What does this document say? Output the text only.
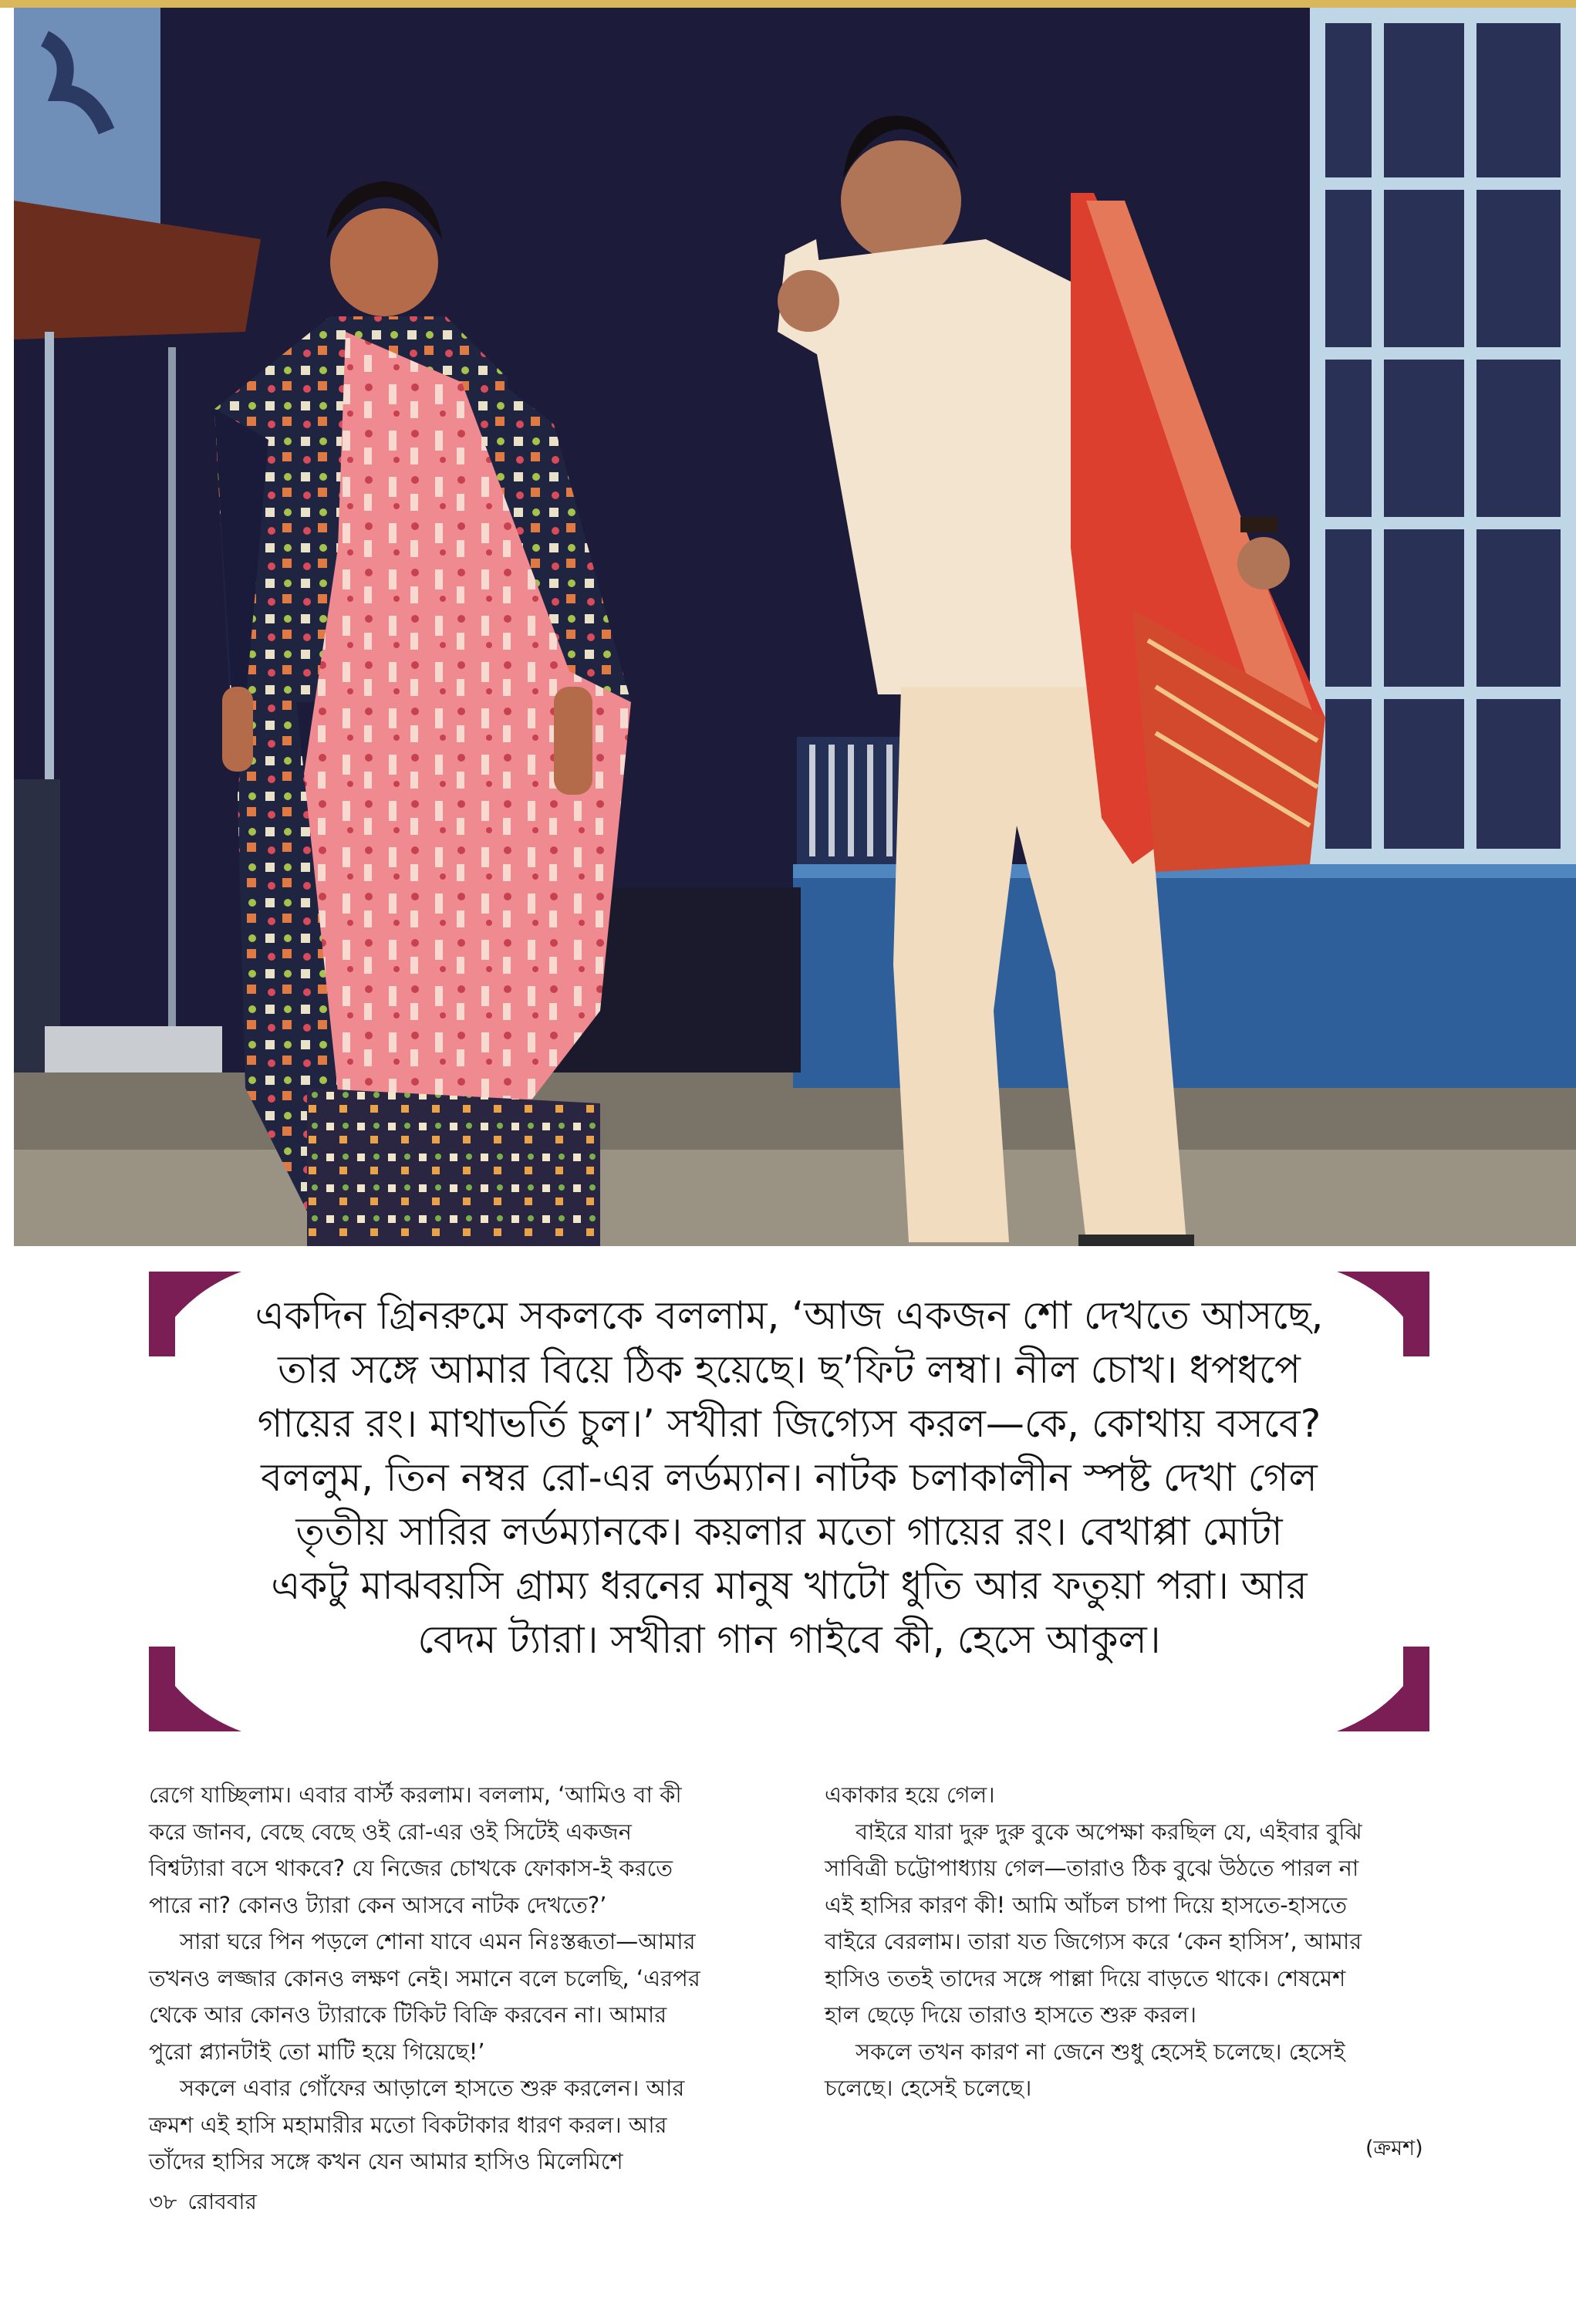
একদিন গ্রিনরুমে সকলকে বললাম, ‘আজ একজন শো দেখতে আসছে,
তার সঙ্গে আমার বিয়ে ঠিক হয়েছে। ছ’ফিট লম্বা। নীল চোখ। ধপধপে
গায়ের রং। মাথাভর্তি চুল।’ সখীরা জিগ্যেস করল—কে, কোথায় বসবে?
বললুম, তিন নম্বর রো-এর লর্ডম্যান। নাটক চলাকালীন স্পষ্ট দেখা গেল
তৃতীয় সারির লর্ডম্যানকে। কয়লার মতো গায়ের রং। বেখাপ্পা মোটা
একটু মাঝবয়সি গ্রাম্য ধরনের মানুষ খাটো ধুতি আর ফতুয়া পরা। আর
বেদম ট্যারা। সখীরা গান গাইবে কী, হেসে আকুল।
রেগে যাচ্ছিলাম। এবার বার্স্ট করলাম। বললাম, ‘আমিও বা কী
করে জানব, বেছে বেছে ওই রো-এর ওই সিটেই একজন
বিশ্বট্যারা বসে থাকবে? যে নিজের চোখকে ফোকাস-ই করতে
পারে না? কোনও ট্যারা কেন আসবে নাটক দেখতে?’
সারা ঘরে পিন পড়লে শোনা যাবে এমন নিঃস্তব্ধতা—আমার
তখনও লজ্জার কোনও লক্ষণ নেই। সমানে বলে চলেছি, ‘এরপর
থেকে আর কোনও ট্যারাকে টিকিট বিক্রি করবেন না। আমার
পুরো প্ল্যানটাই তো মাটি হয়ে গিয়েছে!’
সকলে এবার গোঁফের আড়ালে হাসতে শুরু করলেন। আর
ক্রমশ এই হাসি মহামারীর মতো বিকটাকার ধারণ করল। আর
তাঁদের হাসির সঙ্গে কখন যেন আমার হাসিও মিলেমিশে
একাকার হয়ে গেল।
বাইরে যারা দুরু দুরু বুকে অপেক্ষা করছিল যে, এইবার বুঝি
সাবিত্রী চট্টোপাধ্যায় গেল—তারাও ঠিক বুঝে উঠতে পারল না
এই হাসির কারণ কী! আমি আঁচল চাপা দিয়ে হাসতে-হাসতে
বাইরে বেরলাম। তারা যত জিগ্যেস করে ‘কেন হাসিস’, আমার
হাসিও ততই তাদের সঙ্গে পাল্লা দিয়ে বাড়তে থাকে। শেষমেশ
হাল ছেড়ে দিয়ে তারাও হাসতে শুরু করল।
সকলে তখন কারণ না জেনে শুধু হেসেই চলেছে। হেসেই
চলেছে। হেসেই চলেছে।
(ক্রমশ)
৩৮ রোববার
